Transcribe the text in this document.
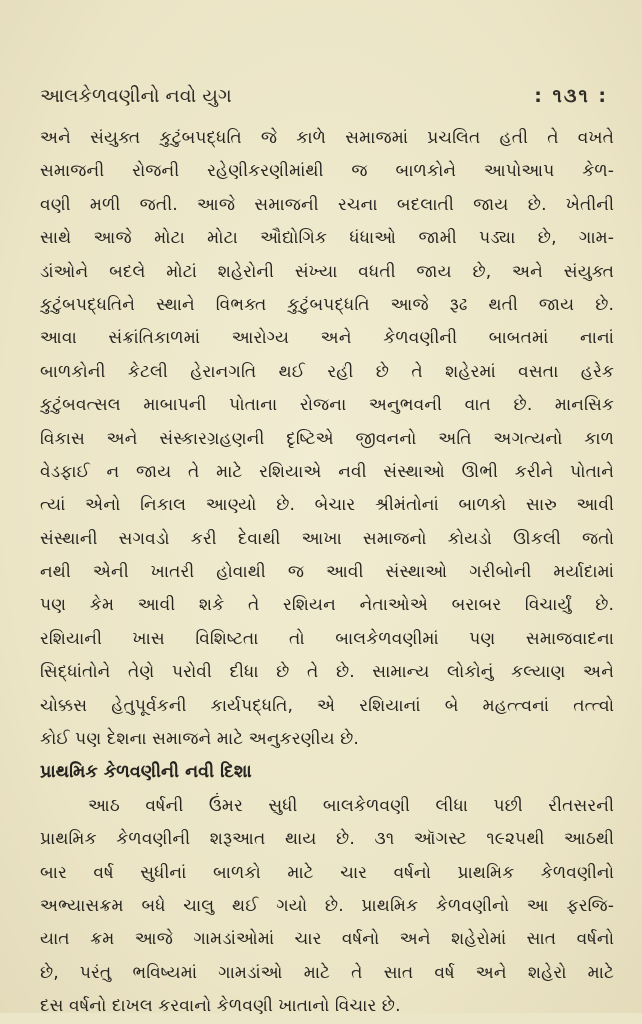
આલકેળવણીનો નવો યુગ	: ૧૩૧ :

અને સંયુક્ત કુટુંબપદ્ધતિ જે કાળે સમાજમાં પ્રચલિત હતી તે વખતે
સમાજની રોજની રહેણીકરણીમાંથી જ બાળકોને આપોઆપ કેળ-
વણી મળી જતી. આજે સમાજની રચના બદલાતી જાય છે. ખેતીની
સાથે આજે મોટા મોટા ઔદ્યોગિક ધંધાઓ જામી પડ્યા છે, ગામ-
ડાંઓને બદલે મોટાં શહેરોની સંખ્યા વધતી જાય છે, અને સંયુક્ત
કુટુંબપદ્ધતિને સ્થાને વિભક્ત કુટુંબપદ્ધતિ આજે રૂઢ થતી જાય છે.
આવા સંક્રાંતિકાળમાં આરોગ્ય અને કેળવણીની બાબતમાં નાનાં
બાળકોની કેટલી હેરાનગતિ થઈ રહી છે તે શહેરમાં વસતા હરેક
કુટુંબવત્સલ માબાપની પોતાના રોજના અનુભવની વાત છે. માનસિક
વિકાસ અને સંસ્કારગ્રહણની દૃષ્ટિએ જીવનનો અતિ અગત્યનો કાળ
વેડફાઈ ન જાય તે માટે રશિયાએ નવી સંસ્થાઓ ઊભી કરીને પોતાને
ત્યાં એનો નિકાલ આણ્યો છે. બેચાર શ્રીમંતોનાં બાળકો સારુ આવી
સંસ્થાની સગવડો કરી દેવાથી આખા સમાજનો કોયડો ઊકલી જતો
નથી એની ખાતરી હોવાથી જ આવી સંસ્થાઓ ગરીબોની મર્યાદામાં
પણ કેમ આવી શકે તે રશિયન નેતાઓએ બરાબર વિચાર્યું છે.
રશિયાની ખાસ વિશિષ્ટતા તો બાલકેળવણીમાં પણ સમાજવાદના
સિદ્ધાંતોને તેણે પરોવી દીધા છે તે છે. સામાન્ય લોકોનું કલ્યાણ અને
ચોક્કસ હેતુપૂર્વકની કાર્યપદ્ધતિ, એ રશિયાનાં બે મહત્ત્વનાં તત્ત્વો
કોઈ પણ દેશના સમાજને માટે અનુકરણીય છે.

પ્રાથમિક કેળવણીની નવી દિશા

આઠ વર્ષની ઉંમર સુધી બાલકેળવણી લીધા પછી રીતસરની
પ્રાથમિક કેળવણીની શરૂઆત થાય છે. ૩૧ ઑગસ્ટ ૧૯૨૫થી આઠથી
બાર વર્ષ સુધીનાં બાળકો માટે ચાર વર્ષનો પ્રાથમિક કેળવણીનો
અભ્યાસક્રમ બધે ચાલુ થઈ ગયો છે. પ્રાથમિક કેળવણીનો આ ફરજિ-
યાત ક્રમ આજે ગામડાંઓમાં ચાર વર્ષનો અને શહેરોમાં સાત વર્ષનો
છે, પરંતુ ભવિષ્યમાં ગામડાંઓ માટે તે સાત વર્ષ અને શહેરો માટે
દસ વર્ષનો દાખલ કરવાનો કેળવણી ખાતાનો વિચાર છે.
